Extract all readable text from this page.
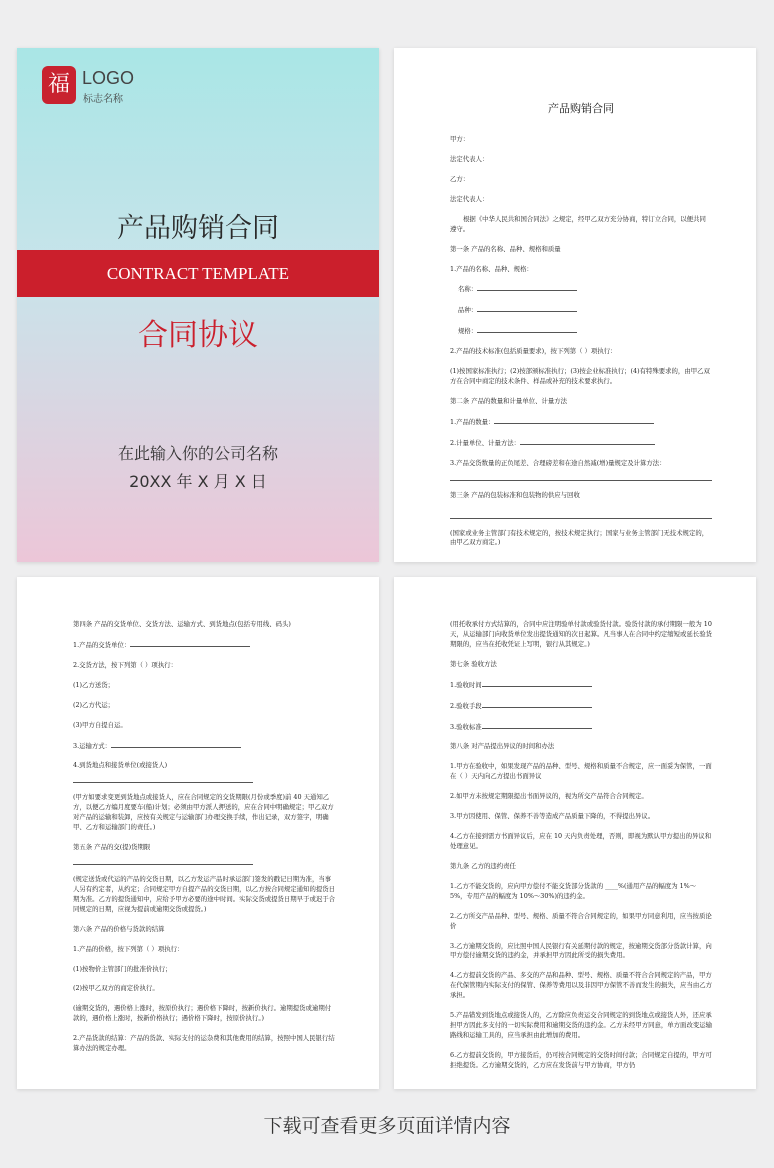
福 LOGO
标志名称
产品购销合同
CONTRACT TEMPLATE
合同协议
在此输入你的公司名称
20XX 年 X 月 X 日
产品购销合同

甲方：

法定代表人：

乙方：

法定代表人：

根据《中华人民共和国合同法》之规定，经甲乙双方充分协商，特订立合同，以便共同遵守。

第一条 产品的名称、品种、规格和质量

1.产品的名称、品种、规格：

名称：

品种：

规格：

2.产品的技术标准(包括质量要求)，按下列第（ ）项执行：

(1)按国家标准执行；(2)按部颁标准执行；(3)按企业标准执行；(4)有特殊要求的，由甲乙双方在合同中商定的技术条件、样品或补充的技术要求执行。

第二条 产品的数量和计量单位、计量方法

1.产品的数量：

2.计量单位、计量方法：

3.产品交货数量的正负尾差、合理磅差和在途自然减(增)量规定及计算方法：

第三条 产品的包装标准和包装物的供应与回收

(国家或业务主管部门有技术规定的，按技术规定执行；国家与业务主管部门无技术规定的，由甲乙双方商定。)

第四条 产品的交货单位、交货方法、运输方式、到货地点(包括专用线、码头)

1.产品的交货单位：

2.交货方法，按下列第（ ）项执行：

(1)乙方送货；

(2)乙方代运；

(3)甲方自提自运。

3.运输方式：

4.到货地点和接货单位(或接货人)

(甲方如要求变更到货地点或接货人，应在合同规定的交货期限(月份或季度)前 40 天通知乙方，以便乙方编月度要车(船)计划；必须由甲方派人押送的，应在合同中明确规定；甲乙双方对产品的运输和装卸，应按有关规定与运输部门办理交换手续，作出记录，双方签字，明确甲、乙方和运输部门的责任。)

第五条 产品的交(提)货期限

(规定送货或代运的产品的交货日期，以乙方发运产品时承运部门签发的戳记日期为准，当事人另有约定者，从约定；合同规定甲方自提产品的交货日期，以乙方按合同规定通知的提货日期为准。乙方的提货通知中，应给予甲方必要的途中时间。实际交货或提货日期早于或迟于合同规定的日期，应视为提前或逾期交货或提货。)

第六条 产品的价格与货款的结算

1.产品的价格，按下列第（ ）项执行：

(1)按物价主管部门的批准价执行；

(2)按甲乙双方的商定价执行。

(逾期交货的，遇价格上涨时，按原价执行；遇价格下降时，按新价执行。逾期提货或逾期付款的，遇价格上涨时，按新价格执行；遇价格下降时，按原价执行。)

2.产品货款的结算：产品的货款、实际支付的运杂费和其他费用的结算，按照中国人民银行结算办法的规定办理。

(用托收承付方式结算的，合同中应注明验单付款或验货付款。验货付款的承付期限一般为 10 天，从运输部门向收货单位发出提货通知的次日起算。凡当事人在合同中约定缩短或延长验货期限的，应当在托收凭证上写明，银行从其规定。)

第七条 验收方法

1.验收时间

2.验收手段

3.验收标准

第八条 对产品提出异议的时间和办法

1.甲方在验收中，如果发现产品的品种、型号、规格和质量不合规定，应一面妥为保管，一面在（ ）天内向乙方提出书面异议

2.如甲方未按规定期限提出书面异议的，视为所交产品符合合同规定。

3.甲方因使用、保管、保养不善等造成产品质量下降的，不得提出异议。

4.乙方在接到需方书面异议后，应在 10 天内负责处理，否则，即视为默认甲方提出的异议和处理意见。

第九条 乙方的违约责任

1.乙方不能交货的，应向甲方偿付不能交货部分货款的 ____%(通用产品的幅度为 1%～5%，专用产品的幅度为 10%～30%)的违约金。

2.乙方所交产品品种、型号、规格、质量不符合合同规定的，如果甲方同意利用，应当按质论价

3.乙方逾期交货的，应比照中国人民银行有关延期付款的规定，按逾期交货部分货款计算，向甲方偿付逾期交货的违约金，并承担甲方因此所受的损失费用。

4.乙方提前交货的产品、多交的产品和品种、型号、规格、质量不符合合同规定的产品，甲方在代保管期内实际支付的保管、保养等费用以及非因甲方保管不善而发生的损失，应当由乙方承担。

5.产品错发到货地点或接货人的，乙方除应负责运交合同规定的到货地点或接货人外，还应承担甲方因此多支付的一切实际费用和逾期交货的违约金。乙方未经甲方同意，单方面改变运输路线和运输工具的，应当承担由此增加的费用。

6.乙方提前交货的，甲方接货后，仍可按合同规定的交货时间付款；合同规定自提的，甲方可拒绝提货。乙方逾期交货的，乙方应在发货前与甲方协商，甲方仍

下载可查看更多页面详情内容
